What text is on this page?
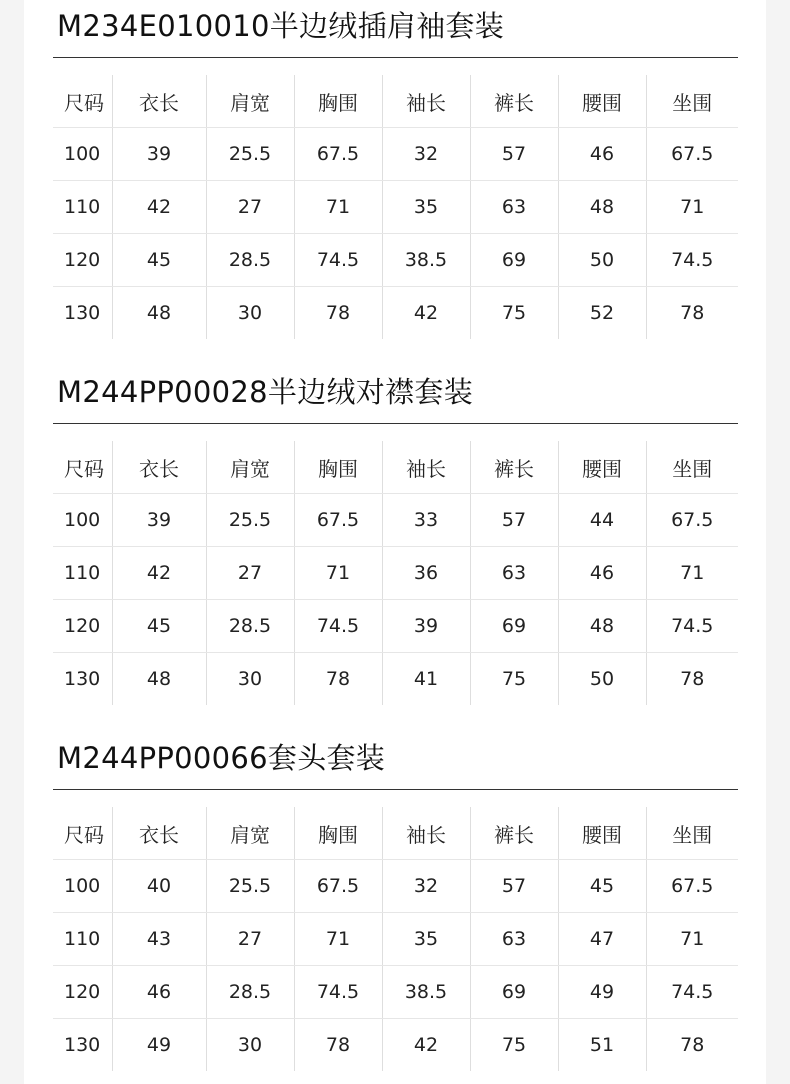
M234E010010半边绒插肩袖套装
尺码	衣长	肩宽	胸围	袖长	裤长	腰围	坐围
100	39	25.5	67.5	32	57	46	67.5
110	42	27	71	35	63	48	71
120	45	28.5	74.5	38.5	69	50	74.5
130	48	30	78	42	75	52	78
M244PP00028半边绒对襟套装
尺码	衣长	肩宽	胸围	袖长	裤长	腰围	坐围
100	39	25.5	67.5	33	57	44	67.5
110	42	27	71	36	63	46	71
120	45	28.5	74.5	39	69	48	74.5
130	48	30	78	41	75	50	78
M244PP00066套头套装
尺码	衣长	肩宽	胸围	袖长	裤长	腰围	坐围
100	40	25.5	67.5	32	57	45	67.5
110	43	27	71	35	63	47	71
120	46	28.5	74.5	38.5	69	49	74.5
130	49	30	78	42	75	51	78
